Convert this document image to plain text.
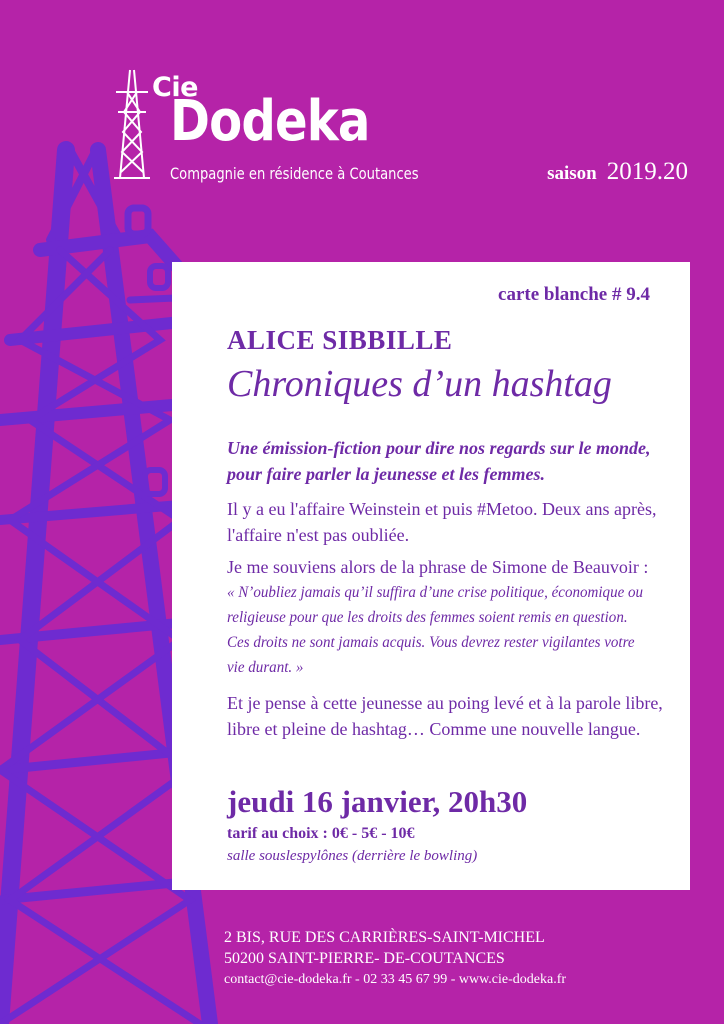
Cie
Dodeka
Compagnie en résidence à Coutances	saison 2019.20
carte blanche # 9.4
ALICE SIBBILLE
Chroniques d’un hashtag
Une émission-fiction pour dire nos regards sur le monde, pour faire parler la jeunesse et les femmes.
Il y a eu l'affaire Weinstein et puis #Metoo. Deux ans après, l'affaire n'est pas oubliée.
Je me souviens alors de la phrase de Simone de Beauvoir :
« N’oubliez jamais qu’il suffira d’une crise politique, économique ou religieuse pour que les droits des femmes soient remis en question. Ces droits ne sont jamais acquis. Vous devrez rester vigilantes votre vie durant. »
Et je pense à cette jeunesse au poing levé et à la parole libre, libre et pleine de hashtag… Comme une nouvelle langue.
jeudi 16 janvier, 20h30
tarif au choix : 0€ - 5€ - 10€
salle souslespylônes (derrière le bowling)
2 BIS, RUE DES CARRIÈRES-SAINT-MICHEL
50200 SAINT-PIERRE- DE-COUTANCES
contact@cie-dodeka.fr - 02 33 45 67 99 - www.cie-dodeka.fr
